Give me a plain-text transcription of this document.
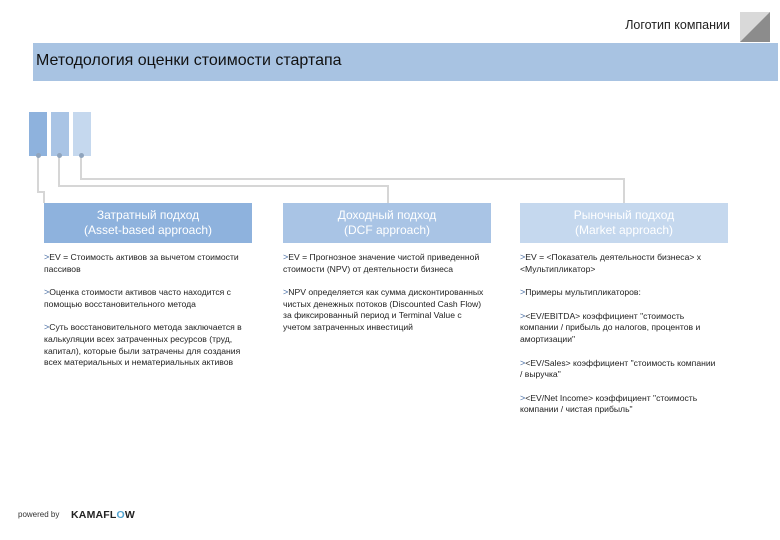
Логотип компании
Методология оценки стоимости стартапа
Затратный подход
(Asset-based approach)
>EV = Стоимость активов за вычетом стоимости пассивов
>Оценка стоимости активов часто находится с помощью восстановительного метода
>Суть восстановительного метода заключается в калькуляции всех затраченных ресурсов (труд, капитал), которые были затрачены для создания всех материальных и нематериальных активов
Доходный подход
(DCF approach)
>EV = Прогнозное значение чистой приведенной стоимости (NPV) от деятельности бизнеса
>NPV определяется как сумма дисконтированных чистых денежных потоков (Discounted Cash Flow) за фиксированный период и Terminal Value с учетом затраченных инвестиций
Рыночный подход
(Market approach)
>EV = <Показатель деятельности бизнеса> x <Мультипликатор>
>Примеры мультипликаторов:
><EV/EBITDA> коэффициент "стоимость компании / прибыль до налогов, процентов и амортизации"
><EV/Sales> коэффициент "стоимость компании / выручка"
><EV/Net Income> коэффициент "стоимость компании / чистая прибыль"
powered by KAMAFLOW
